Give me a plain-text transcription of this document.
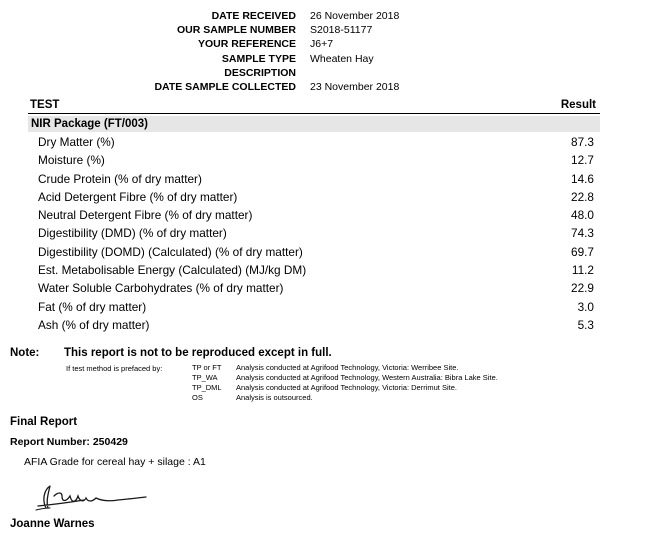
DATE RECEIVED 26 November 2018
OUR SAMPLE NUMBER S2018-51177
YOUR REFERENCE J6+7
SAMPLE TYPE Wheaten Hay
DESCRIPTION
DATE SAMPLE COLLECTED 23 November 2018
TEST	Result
NIR Package (FT/003)
Dry Matter (%)	87.3
Moisture (%)	12.7
Crude Protein (% of dry matter)	14.6
Acid Detergent Fibre (% of dry matter)	22.8
Neutral Detergent Fibre (% of dry matter)	48.0
Digestibility (DMD) (% of dry matter)	74.3
Digestibility (DOMD) (Calculated) (% of dry matter)	69.7
Est. Metabolisable Energy (Calculated) (MJ/kg DM)	11.2
Water Soluble Carbohydrates (% of dry matter)	22.9
Fat (% of dry matter)	3.0
Ash (% of dry matter)	5.3
Note: This report is not to be reproduced except in full.
If test method is prefaced by:	TP or FT Analysis conducted at Agrifood Technology, Victoria: Werribee Site.
TP_WA Analysis conducted at Agrifood Technology, Western Australia: Bibra Lake Site.
TP_DML Analysis conducted at Agrifood Technology, Victoria: Derrimut Site.
OS	Analysis is outsourced.
Final Report
Report Number: 250429
AFIA Grade for cereal hay + silage : A1
Joanne Warnes
